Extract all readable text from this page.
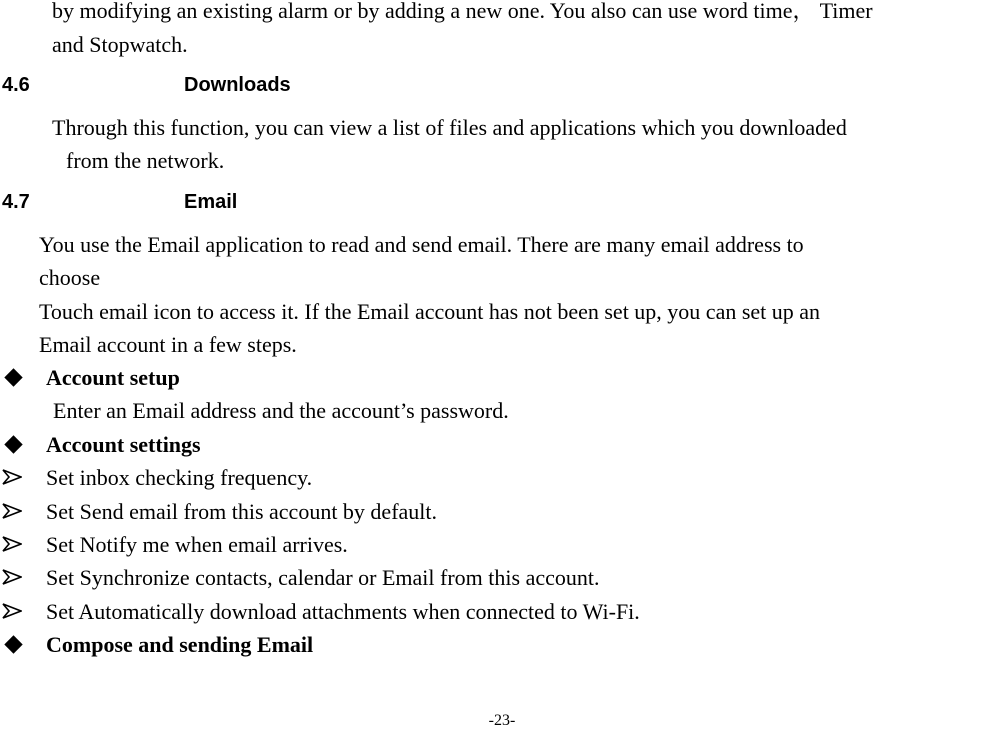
by modifying an existing alarm or by adding a new one. You also can use word time， Timer
and Stopwatch.
4.6	Downloads
Through this function, you can view a list of files and applications which you downloaded
from the network.
4.7	Email
You use the Email application to read and send email. There are many email address to
choose
Touch email icon to access it. If the Email account has not been set up, you can set up an
Email account in a few steps.
Account setup
Enter an Email address and the account’s password.
Account settings
Set inbox checking frequency.
Set Send email from this account by default.
Set Notify me when email arrives.
Set Synchronize contacts, calendar or Email from this account.
Set Automatically download attachments when connected to Wi-Fi.
Compose and sending Email
-23-
